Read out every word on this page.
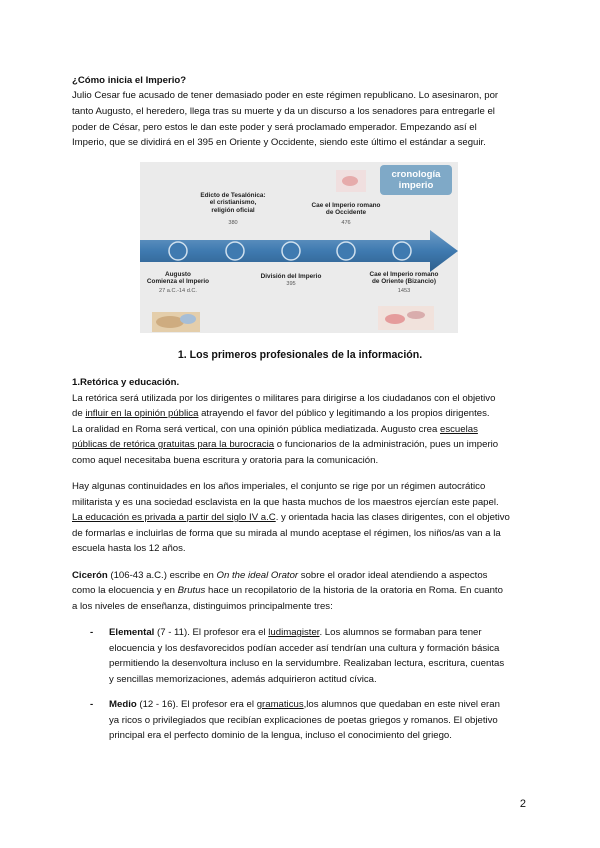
¿Cómo inicia el Imperio?

Julio Cesar fue acusado de tener demasiado poder en este régimen republicano. Lo asesinaron, por

tanto Augusto, el heredero, llega tras su muerte y da un discurso a los senadores para entregarle el

poder de César, pero estos le dan este poder y será proclamado emperador. Empezando así el

Imperio, que se dividirá en el 395 en Oriente y Occidente, siendo este último el estándar a seguir.

cronología
imperio
Edicto de Tesalónica:
el cristianismo,
religión oficial
380
Cae el Imperio romano
de Occidente
476
Augusto
Comienza el Imperio
27 a.C.-14 d.C.
División del Imperio
395
Cae el Imperio romano
de Oriente (Bizancio)
1453
1. Los primeros profesionales de la información.

1.Retórica y educación.

La retórica será utilizada por los dirigentes o militares para dirigirse a los ciudadanos con el objetivo

de influir en la opinión pública atrayendo el favor del público y legitimando a los propios dirigentes.

La oralidad en Roma será vertical, con una opinión pública mediatizada. Augusto crea escuelas

públicas de retórica gratuitas para la burocracia o funcionarios de la administración, pues un imperio

como aquel necesitaba buena escritura y oratoria para la comunicación.

Hay algunas continuidades en los años imperiales, el conjunto se rige por un régimen autocrático

militarista y es una sociedad esclavista en la que hasta muchos de los maestros ejercían este papel.

La educación es privada a partir del siglo IV a.C. y orientada hacia las clases dirigentes, con el objetivo

de formarlas e incluirlas de forma que su mirada al mundo aceptase el régimen, los niños/as van a la

escuela hasta los 12 años.

Cicerón (106-43 a.C.) escribe en On the ideal Orator sobre el orador ideal atendiendo a aspectos

como la elocuencia y en Brutus hace un recopilatorio de la historia de la oratoria en Roma. En cuanto

a los niveles de enseñanza, distinguimos principalmente tres:

-	Elemental (7 - 11). El profesor era el ludimagister. Los alumnos se formaban para tener

elocuencia y los desfavorecidos podían acceder así tendrían una cultura y formación básica

permitiendo la desenvoltura incluso en la servidumbre. Realizaban lectura, escritura, cuentas

y sencillas memorizaciones, además adquirieron actitud cívica.

-	Medio (12 - 16). El profesor era el gramaticus,los alumnos que quedaban en este nivel eran

ya ricos o privilegiados que recibían explicaciones de poetas griegos y romanos. El objetivo

principal era el perfecto dominio de la lengua, incluso el conocimiento del griego.

2
